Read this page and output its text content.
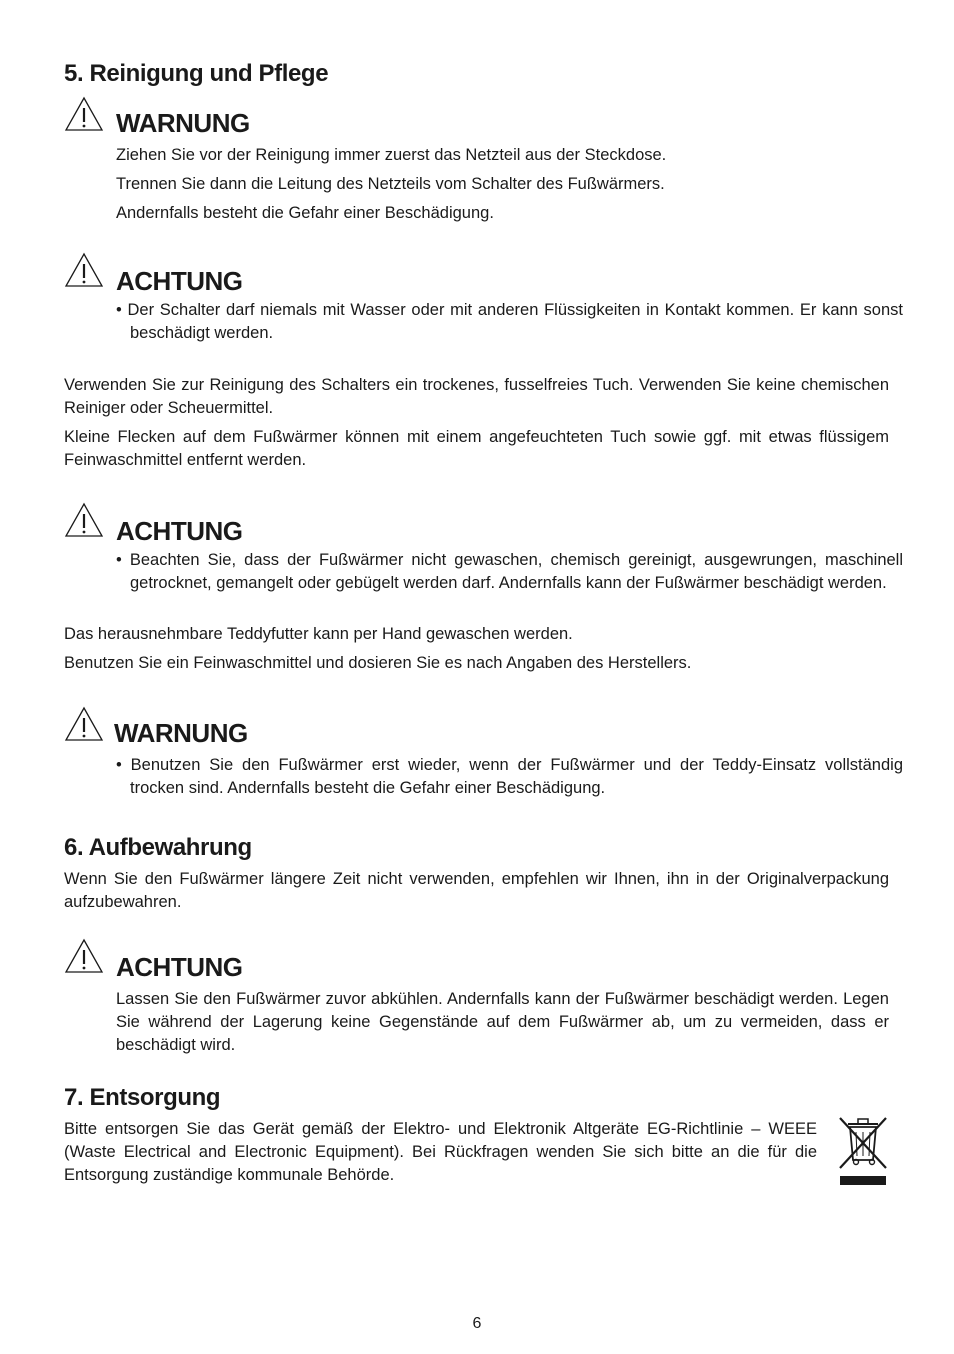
5. Reinigung und Pflege
WARNUNG

Ziehen Sie vor der Reinigung immer zuerst das Netzteil aus der Steckdose.

Trennen Sie dann die Leitung des Netzteils vom Schalter des Fußwärmers.

Andernfalls besteht die Gefahr einer Beschädigung.

ACHTUNG

• Der Schalter darf niemals mit Wasser oder mit anderen Flüssigkeiten in Kontakt kommen. Er kann sonst beschädigt werden.

Verwenden Sie zur Reinigung des Schalters ein trockenes, fusselfreies Tuch. Verwenden Sie keine chemischen Reiniger oder Scheuermittel.

Kleine Flecken auf dem Fußwärmer können mit einem angefeuchteten Tuch sowie ggf. mit etwas flüssigem Feinwaschmittel entfernt werden.

ACHTUNG

• Beachten Sie, dass der Fußwärmer nicht gewaschen, chemisch gereinigt, ausgewrungen, maschinell getrocknet, gemangelt oder gebügelt werden darf. Andernfalls kann der Fußwärmer beschädigt werden.

Das herausnehmbare Teddyfutter kann per Hand gewaschen werden.

Benutzen Sie ein Feinwaschmittel und dosieren Sie es nach Angaben des Herstellers.

WARNUNG

• Benutzen Sie den Fußwärmer erst wieder, wenn der Fußwärmer und der Teddy-Einsatz vollständig trocken sind. Andernfalls besteht die Gefahr einer Beschädigung.

6. Aufbewahrung

Wenn Sie den Fußwärmer längere Zeit nicht verwenden, empfehlen wir Ihnen, ihn in der Originalverpackung aufzubewahren.

ACHTUNG

Lassen Sie den Fußwärmer zuvor abkühlen. Andernfalls kann der Fußwärmer beschädigt werden. Legen Sie während der Lagerung keine Gegenstände auf dem Fußwärmer ab, um zu vermeiden, dass er beschädigt wird.

7. Entsorgung

Bitte entsorgen Sie das Gerät gemäß der Elektro- und Elektronik Altgeräte EG-Richtlinie – WEEE (Waste Electrical and Electronic Equipment). Bei Rückfragen wenden Sie sich bitte an die für die Entsorgung zuständige kommunale Behörde.

6
